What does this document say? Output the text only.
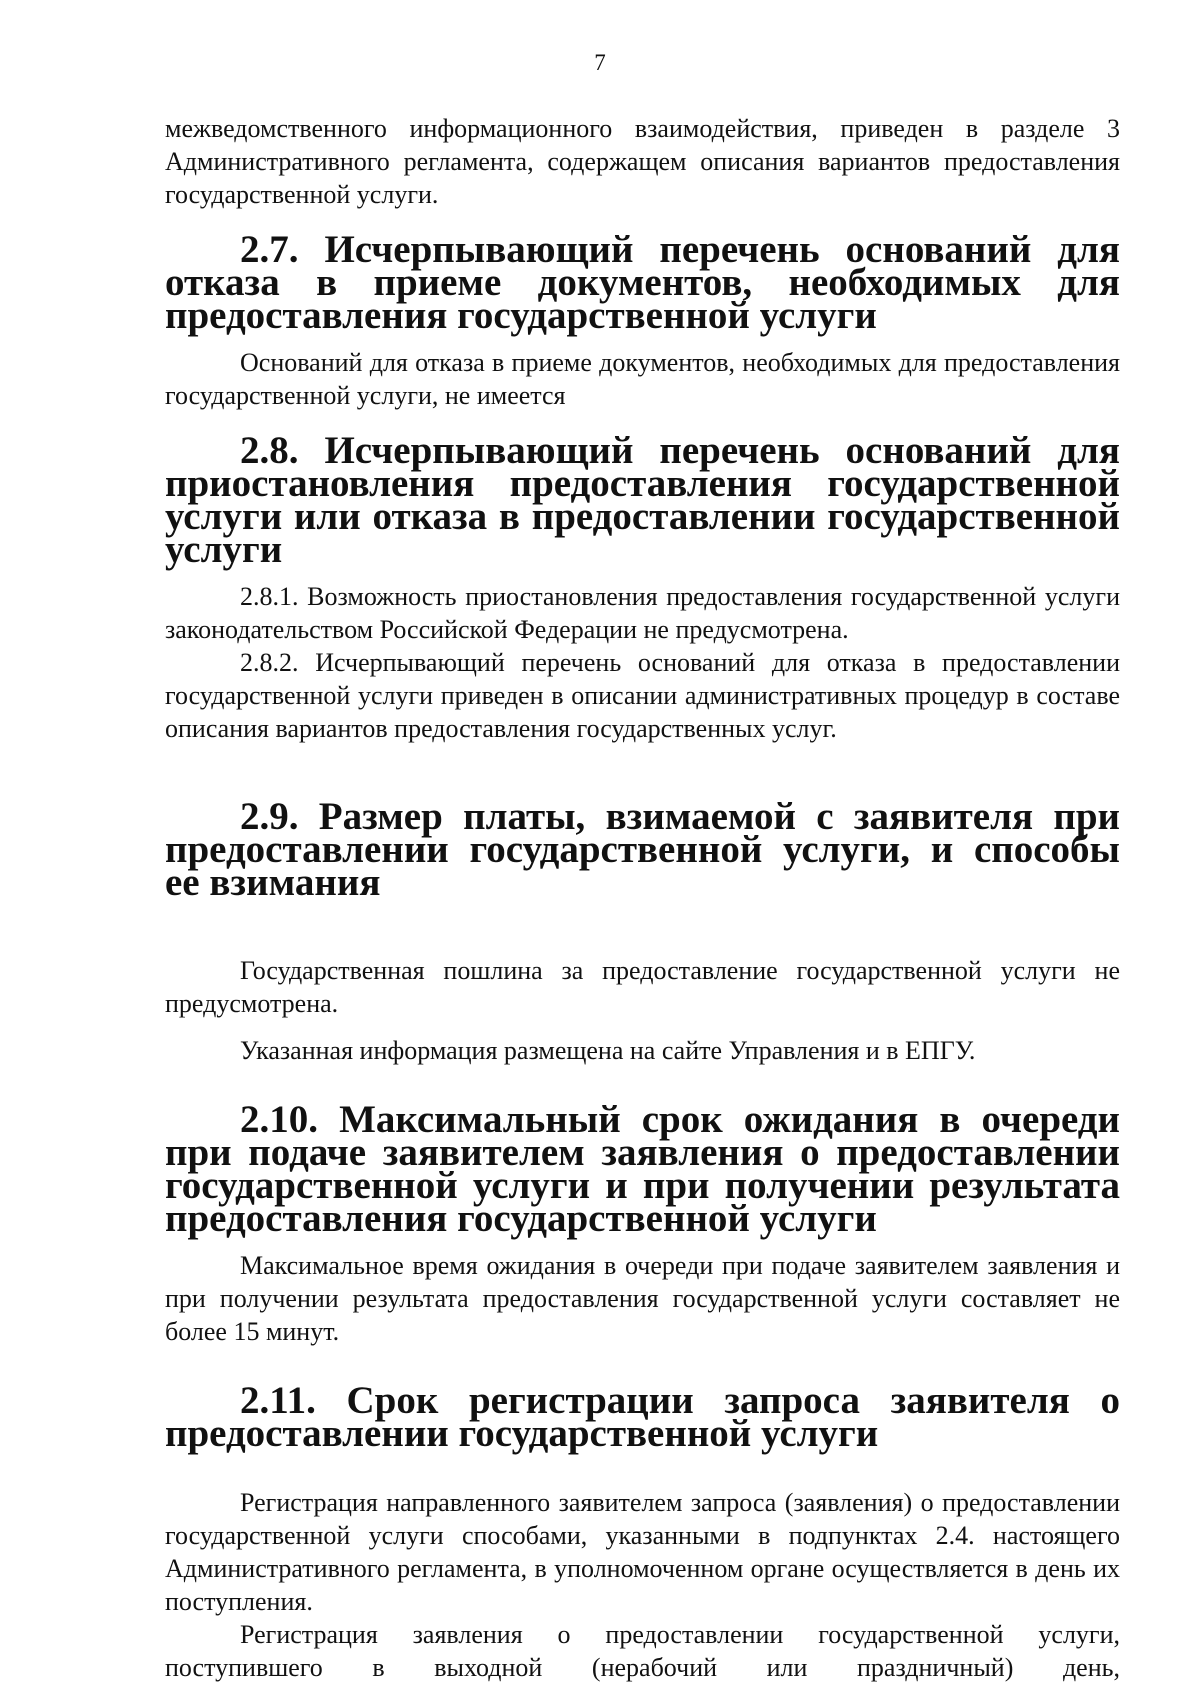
7

межведомственного информационного взаимодействия, приведен в разделе 3 Административного регламента, содержащем описания вариантов предоставления государственной услуги.

2.7. Исчерпывающий перечень оснований для отказа в приеме документов, необходимых для предоставления государственной услуги

Оснований для отказа в приеме документов, необходимых для предоставления государственной услуги, не имеется

2.8. Исчерпывающий перечень оснований для приостановления предоставления государственной услуги или отказа в предоставлении государственной услуги

2.8.1. Возможность приостановления предоставления государственной услуги законодательством Российской Федерации не предусмотрена.

2.8.2. Исчерпывающий перечень оснований для отказа в предоставлении государственной услуги приведен в описании административных процедур в составе описания вариантов предоставления государственных услуг.

2.9. Размер платы, взимаемой с заявителя при предоставлении государственной услуги, и способы ее взимания

Государственная пошлина за предоставление государственной услуги не предусмотрена.

Указанная информация размещена на сайте Управления и в ЕПГУ.

2.10. Максимальный срок ожидания в очереди при подаче заявителем заявления о предоставлении государственной услуги и при получении результата предоставления государственной услуги

Максимальное время ожидания в очереди при подаче заявителем заявления и при получении результата предоставления государственной услуги составляет не более 15 минут.

2.11. Срок регистрации запроса заявителя о предоставлении государственной услуги

Регистрация направленного заявителем запроса (заявления) о предоставлении государственной услуги способами, указанными в подпунктах 2.4. настоящего Административного регламента, в уполномоченном органе осуществляется в день их поступления.

Регистрация заявления о предоставлении государственной услуги, поступившего в выходной (нерабочий или праздничный) день,
